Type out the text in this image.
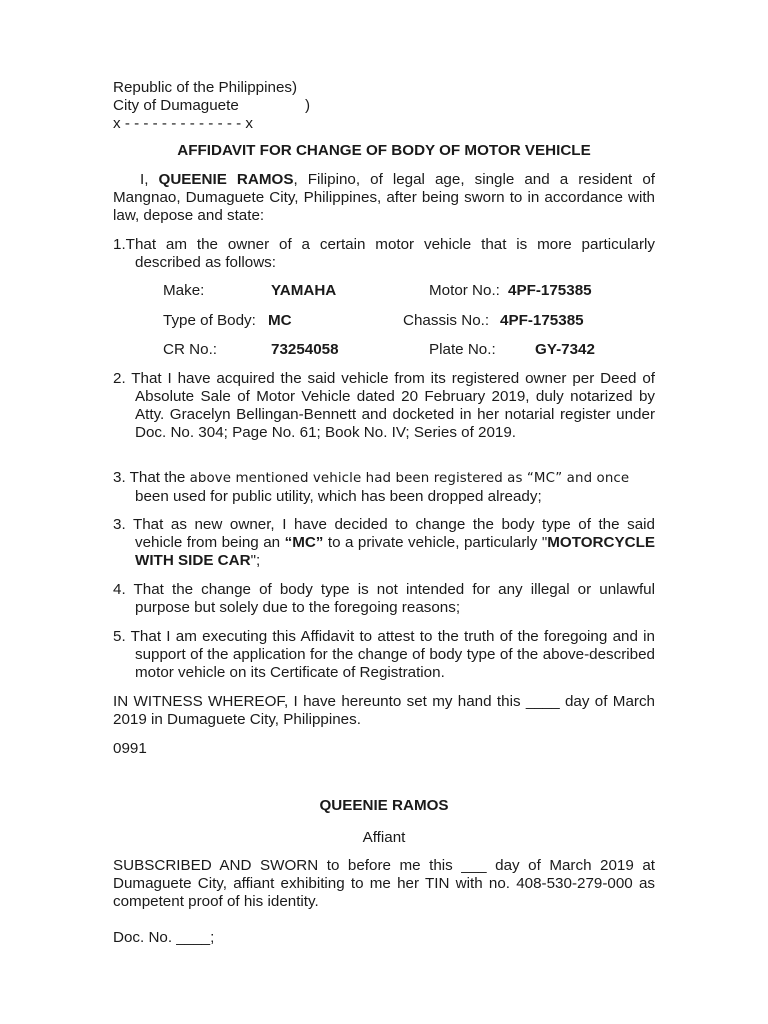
Republic of the Philippines)
City of Dumaguete	)
x - - - - - - - - - - - - - x
AFFIDAVIT FOR CHANGE OF BODY OF MOTOR VEHICLE
I, QUEENIE RAMOS, Filipino, of legal age, single and a resident of Mangnao, Dumaguete City, Philippines, after being sworn to in accordance with law, depose and state:
1.That am the owner of a certain motor vehicle that is more particularly described as follows:
Make:	YAMAHA	Motor No.: 4PF-175385
Type of Body: MC	Chassis No.: 4PF-175385
CR No.:	73254058	Plate No.:	GY-7342
2. That I have acquired the said vehicle from its registered owner per Deed of Absolute Sale of Motor Vehicle dated 20 February 2019, duly notarized by Atty. Gracelyn Bellingan-Bennett and docketed in her notarial register under Doc. No. 304; Page No. 61; Book No. IV; Series of 2019.
3. That the above mentioned vehicle had been registered as “MC” and once
been used for public utility, which has been dropped already;
3. That as new owner, I have decided to change the body type of the said vehicle from being an “MC” to a private vehicle, particularly "MOTORCYCLE WITH SIDE CAR";
4. That the change of body type is not intended for any illegal or unlawful purpose but solely due to the foregoing reasons;
5. That I am executing this Affidavit to attest to the truth of the foregoing and in support of the application for the change of body type of the above-described motor vehicle on its Certificate of Registration.
IN WITNESS WHEREOF, I have hereunto set my hand this ____ day of March 2019 in Dumaguete City, Philippines.
0991
QUEENIE RAMOS
Affiant
SUBSCRIBED AND SWORN to before me this ___ day of March 2019 at Dumaguete City, affiant exhibiting to me her TIN with no. 408-530-279-000 as competent proof of his identity.
Doc. No. ____;
